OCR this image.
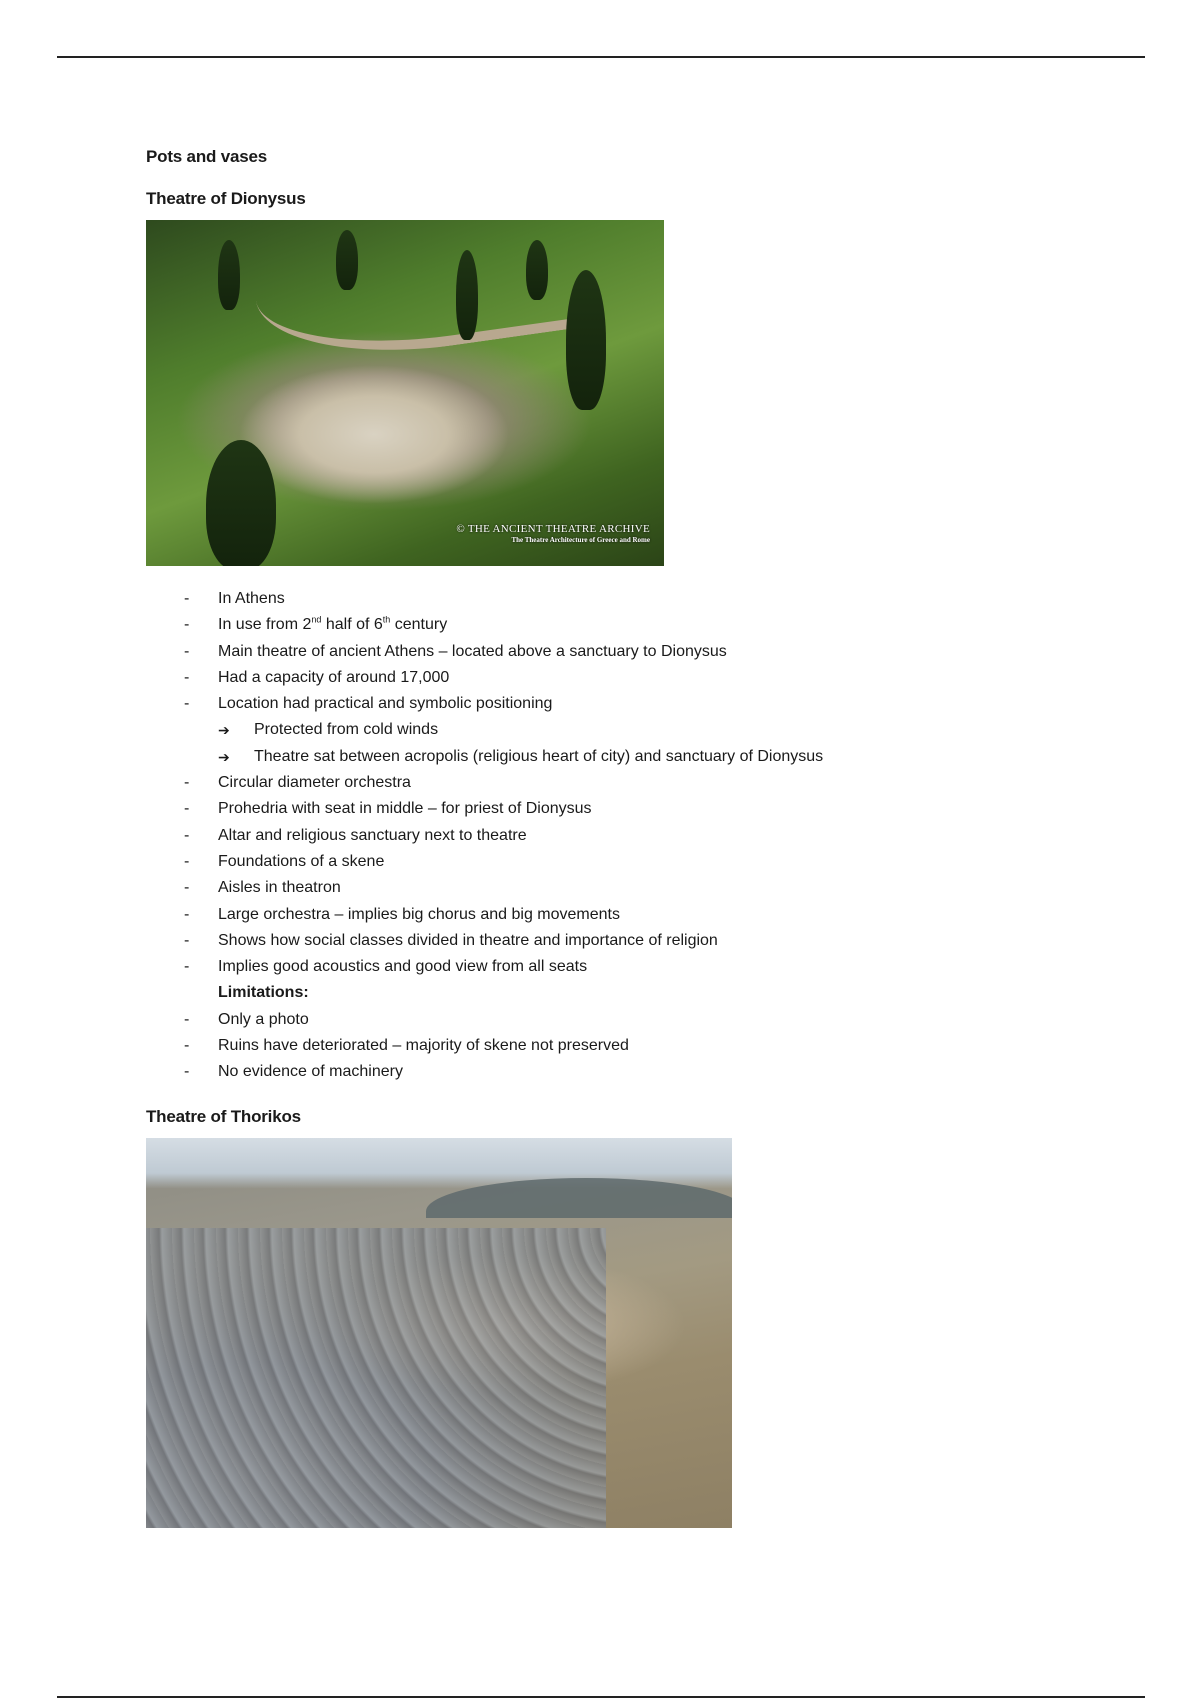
Pots and vases

Theatre of Dionysus

© THE ANCIENT THEATRE ARCHIVE
The Theatre Architecture of Greece and Rome
- In Athens
- In use from 2nd half of 6th century
- Main theatre of ancient Athens – located above a sanctuary to Dionysus
- Had a capacity of around 17,000
- Location had practical and symbolic positioning
➔ Protected from cold winds
➔ Theatre sat between acropolis (religious heart of city) and sanctuary of Dionysus
- Circular diameter orchestra
- Prohedria with seat in middle – for priest of Dionysus
- Altar and religious sanctuary next to theatre
- Foundations of a skene
- Aisles in theatron
- Large orchestra – implies big chorus and big movements
- Shows how social classes divided in theatre and importance of religion
- Implies good acoustics and good view from all seats
Limitations:
- Only a photo
- Ruins have deteriorated – majority of skene not preserved
- No evidence of machinery

Theatre of Thorikos
